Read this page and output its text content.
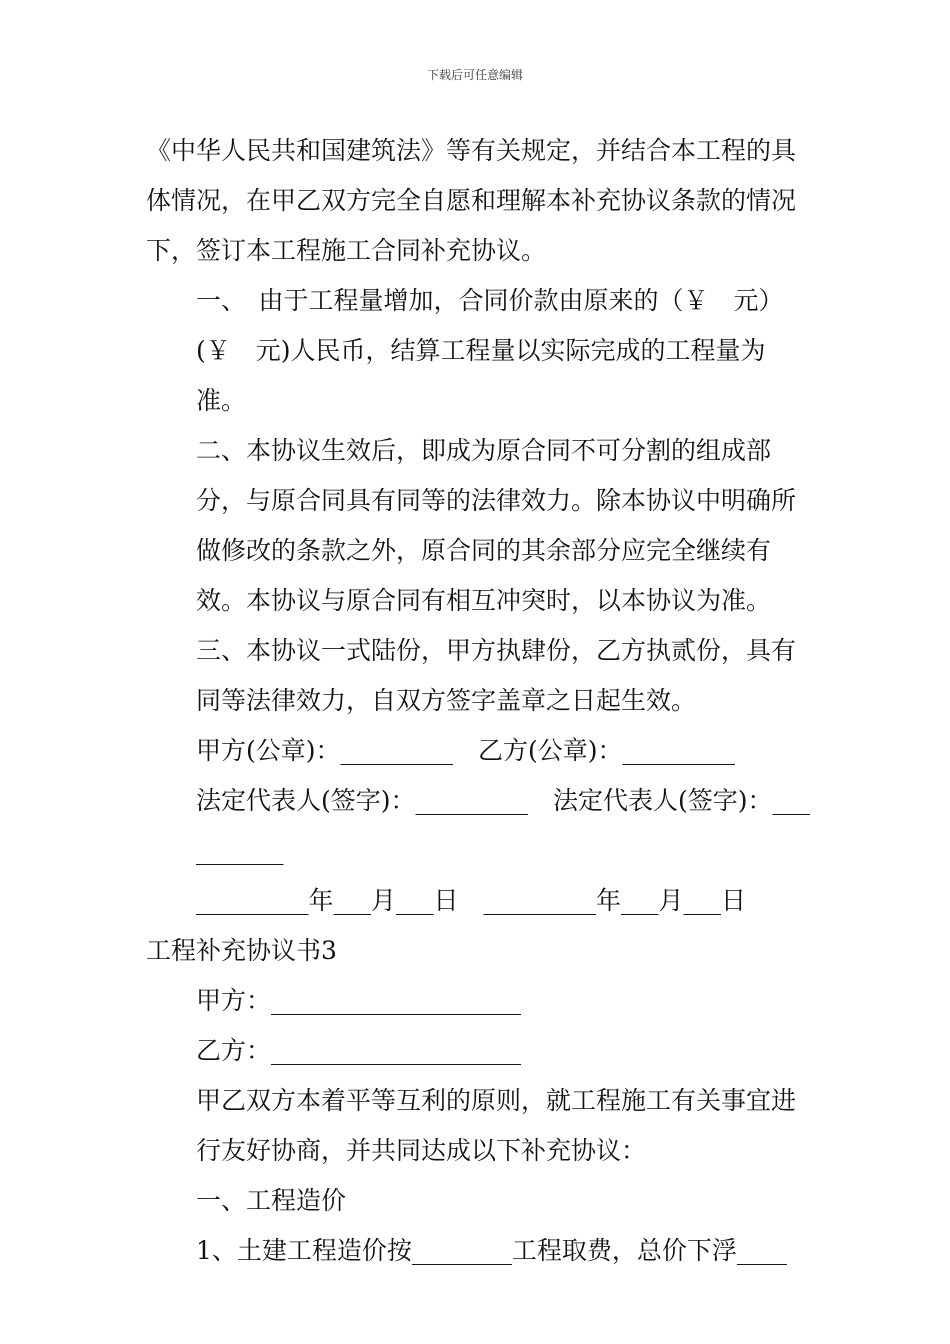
下载后可任意编辑

《中华人民共和国建筑法》等有关规定，并结合本工程的具体情况，在甲乙双方完全自愿和理解本补充协议条款的情况下，签订本工程施工合同补充协议。

一、　由于工程量增加，合同价款由原来的（￥　元）(￥　元)人民币，结算工程量以实际完成的工程量为准。

二、本协议生效后，即成为原合同不可分割的组成部分，与原合同具有同等的法律效力。除本协议中明确所做修改的条款之外，原合同的其余部分应完全继续有效。本协议与原合同有相互冲突时，以本协议为准。

三、本协议一式陆份，甲方执肆份，乙方执贰份，具有同等法律效力，自双方签字盖章之日起生效。

甲方(公章)：_________　乙方(公章)：_________

法定代表人(签字)：_________　法定代表人(签字)：__________

_________年___月___日　_________年___月___日

工程补充协议书3

甲方：____________________

乙方：____________________

甲乙双方本着平等互利的原则，就工程施工有关事宜进行友好协商，并共同达成以下补充协议：

一、工程造价

1、土建工程造价按________工程取费，总价下浮____
